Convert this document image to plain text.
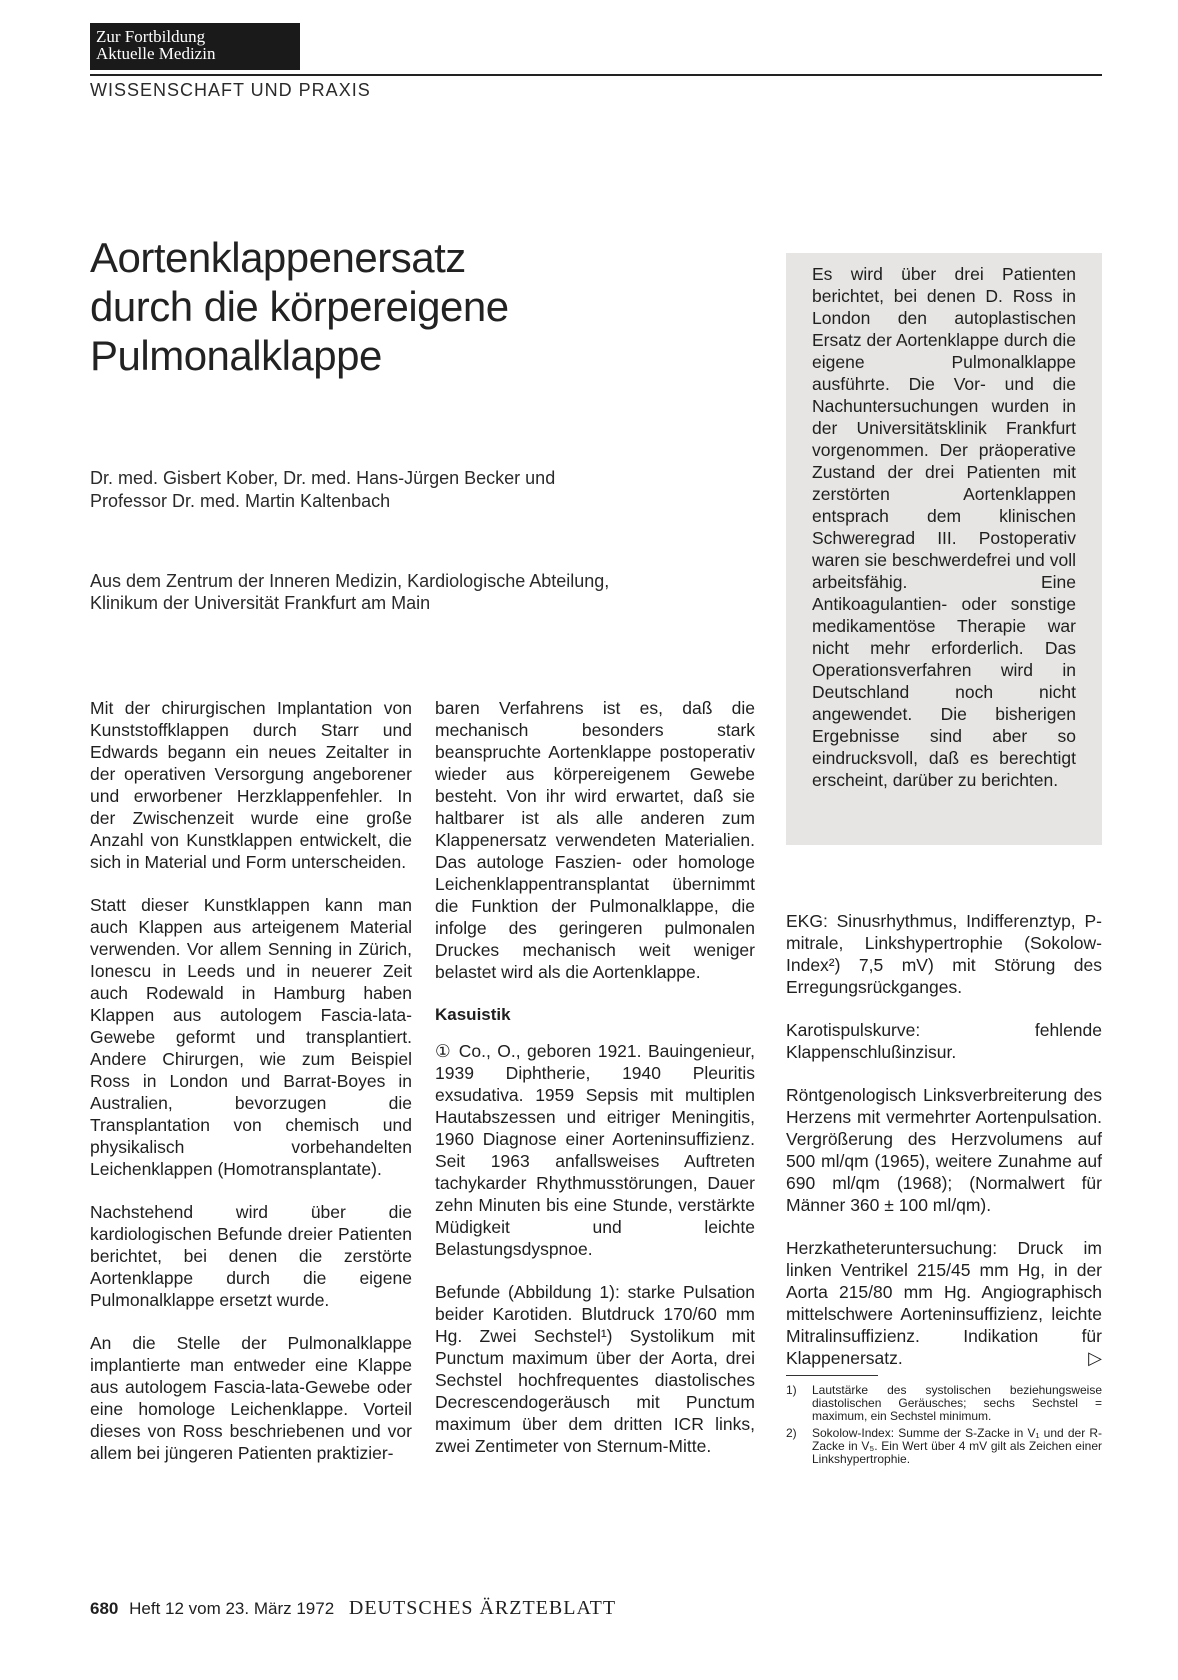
Zur Fortbildung
Aktuelle Medizin
WISSENSCHAFT UND PRAXIS
Aortenklappenersatz
durch die körpereigene
Pulmonalklappe
Dr. med. Gisbert Kober, Dr. med. Hans-Jürgen Becker und
Professor Dr. med. Martin Kaltenbach
Aus dem Zentrum der Inneren Medizin, Kardiologische Abteilung,
Klinikum der Universität Frankfurt am Main

Es wird über drei Patienten berichtet, bei denen D. Ross in London den autoplastischen Ersatz der Aortenklappe durch die eigene Pulmonalklappe ausführte. Die Vor- und die Nachuntersuchungen wurden in der Universitätsklinik Frankfurt vorgenommen. Der präoperative Zustand der drei Patienten mit zerstörten Aortenklappen entsprach dem klinischen Schweregrad III. Postoperativ waren sie beschwerdefrei und voll arbeitsfähig. Eine Antikoagulantien- oder sonstige medikamentöse Therapie war nicht mehr erforderlich. Das Operationsverfahren wird in Deutschland noch nicht angewendet. Die bisherigen Ergebnisse sind aber so eindrucksvoll, daß es berechtigt erscheint, darüber zu berichten.

Mit der chirurgischen Implantation von Kunststoffklappen durch Starr und Edwards begann ein neues Zeitalter in der operativen Versorgung angeborener und erworbener Herzklappenfehler. In der Zwischenzeit wurde eine große Anzahl von Kunstklappen entwickelt, die sich in Material und Form unterscheiden.

Statt dieser Kunstklappen kann man auch Klappen aus arteigenem Material verwenden. Vor allem Senning in Zürich, Ionescu in Leeds und in neuerer Zeit auch Rodewald in Hamburg haben Klappen aus autologem Fascia-lata-Gewebe geformt und transplantiert. Andere Chirurgen, wie zum Beispiel Ross in London und Barrat-Boyes in Australien, bevorzugen die Transplantation von chemisch und physikalisch vorbehandelten Leichenklappen (Homotransplantate).

Nachstehend wird über die kardiologischen Befunde dreier Patienten berichtet, bei denen die zerstörte Aortenklappe durch die eigene Pulmonalklappe ersetzt wurde.

An die Stelle der Pulmonalklappe implantierte man entweder eine Klappe aus autologem Fascia-lata-Gewebe oder eine homologe Leichenklappe. Vorteil dieses von Ross beschriebenen und vor allem bei jüngeren Patienten praktizier-

baren Verfahrens ist es, daß die mechanisch besonders stark beanspruchte Aortenklappe postoperativ wieder aus körpereigenem Gewebe besteht. Von ihr wird erwartet, daß sie haltbarer ist als alle anderen zum Klappenersatz verwendeten Materialien. Das autologe Faszien- oder homologe Leichenklappentransplantat übernimmt die Funktion der Pulmonalklappe, die infolge des geringeren pulmonalen Druckes mechanisch weit weniger belastet wird als die Aortenklappe.

Kasuistik

① Co., O., geboren 1921. Bauingenieur, 1939 Diphtherie, 1940 Pleuritis exsudativa. 1959 Sepsis mit multiplen Hautabszessen und eitriger Meningitis, 1960 Diagnose einer Aorteninsuffizienz. Seit 1963 anfallsweises Auftreten tachykarder Rhythmusstörungen, Dauer zehn Minuten bis eine Stunde, verstärkte Müdigkeit und leichte Belastungsdyspnoe.

Befunde (Abbildung 1): starke Pulsation beider Karotiden. Blutdruck 170/60 mm Hg. Zwei Sechstel¹) Systolikum mit Punctum maximum über der Aorta, drei Sechstel hochfrequentes diastolisches Decrescendogeräusch mit Punctum maximum über dem dritten ICR links, zwei Zentimeter von Sternum-Mitte.

EKG: Sinusrhythmus, Indifferenztyp, P-mitrale, Linkshypertrophie (Sokolow-Index²) 7,5 mV) mit Störung des Erregungsrückganges.

Karotispulskurve: fehlende Klappenschlußinzisur.

Röntgenologisch Linksverbreiterung des Herzens mit vermehrter Aortenpulsation. Vergrößerung des Herzvolumens auf 500 ml/qm (1965), weitere Zunahme auf 690 ml/qm (1968); (Normalwert für Männer 360 ± 100 ml/qm).

Herzkatheteruntersuchung: Druck im linken Ventrikel 215/45 mm Hg, in der Aorta 215/80 mm Hg. Angiographisch mittelschwere Aorteninsuffizienz, leichte Mitralinsuffizienz. Indikation für Klappenersatz.	▷

1)	Lautstärke des systolischen beziehungsweise diastolischen Geräusches; sechs Sechstel = maximum, ein Sechstel minimum.
2)	Sokolow-Index: Summe der S-Zacke in V₁ und der R-Zacke in V₅. Ein Wert über 4 mV gilt als Zeichen einer Linkshypertrophie.
680 Heft 12 vom 23. März 1972 DEUTSCHES ÄRZTEBLATT
